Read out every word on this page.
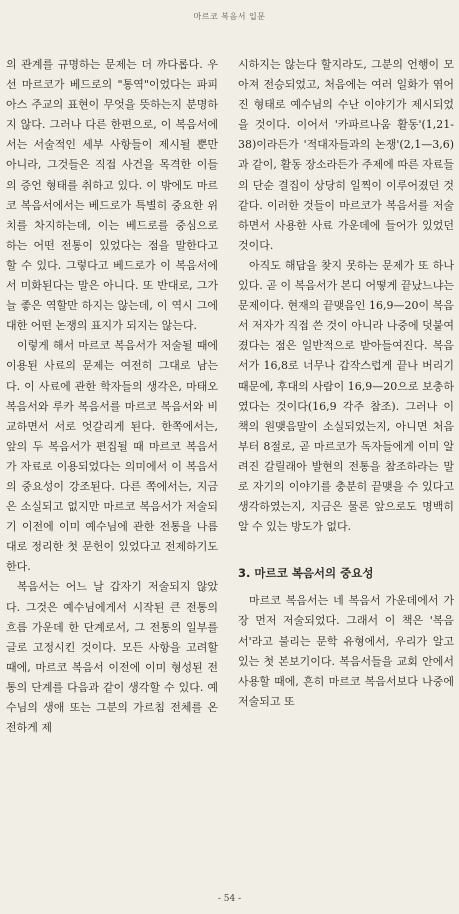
마르코 복음서 입문

의 관계를 규명하는 문제는 더 까다롭다. 우선 마르코가 베드로의 "통역"이었다는 파피아스 주교의 표현이 무엇을 뜻하는지 분명하지 않다. 그러나 다른 한편으로, 이 복음서에서는 서술적인 세부 사항들이 제시될 뿐만 아니라, 그것들은 직접 사건을 목격한 이들의 증언 형태를 취하고 있다. 이 밖에도 마르코 복음서에서는 베드로가 특별히 중요한 위치를 차지하는데, 이는 베드로를 중심으로 하는 어떤 전통이 있었다는 점을 말한다고 할 수 있다. 그렇다고 베드로가 이 복음서에서 미화된다는 말은 아니다. 또 반대로, 그가 늘 좋은 역할만 하지는 않는데, 이 역시 그에 대한 어떤 논쟁의 표지가 되지는 않는다.

이렇게 해서 마르코 복음서가 저술될 때에 이용된 사료의 문제는 여전히 그대로 남는다. 이 사료에 관한 학자들의 생각은, 마태오 복음서와 루카 복음서를 마르코 복음서와 비교하면서 서로 엇갈리게 된다. 한쪽에서는, 앞의 두 복음서가 편집될 때 마르코 복음서가 자료로 이용되었다는 의미에서 이 복음서의 중요성이 강조된다. 다른 쪽에서는, 지금은 소실되고 없지만 마르코 복음서가 저술되기 이전에 이미 예수님에 관한 전통을 나름대로 정리한 첫 문헌이 있었다고 전제하기도 한다.

복음서는 어느 날 갑자기 저술되지 않았다. 그것은 예수님에게서 시작된 큰 전통의 흐름 가운데 한 단계로서, 그 전통의 일부를 글로 고정시킨 것이다. 모든 사항을 고려할 때에, 마르코 복음서 이전에 이미 형성된 전통의 단계를 다음과 같이 생각할 수 있다. 예수님의 생애 또는 그분의 가르침 전체를 온전하게 제

시하지는 않는다 할지라도, 그분의 언행이 모아져 전승되었고, 처음에는 여러 일화가 엮어진 형태로 예수님의 수난 이야기가 제시되었을 것이다. 이어서 '카파르나움 활동'(1,21-38)이라든가 '적대자들과의 논쟁'(2,1—3,6)과 같이, 활동 장소라든가 주제에 따른 자료들의 단순 결집이 상당히 일찍이 이루어졌던 것 같다. 이러한 것들이 마르코가 복음서를 저술하면서 사용한 사료 가운데에 들어가 있었던 것이다.

아직도 해답을 찾지 못하는 문제가 또 하나 있다. 곧 이 복음서가 본디 어떻게 끝났느냐는 문제이다. 현재의 끝맺음인 16,9—20이 복음서 저자가 직접 쓴 것이 아니라 나중에 덧붙여졌다는 점은 일반적으로 받아들여진다. 복음서가 16,8로 너무나 갑작스럽게 끝나 버리기 때문에, 후대의 사람이 16,9—20으로 보충하였다는 것이다(16,9 각주 참조). 그러나 이 책의 원맺음말이 소실되었는지, 아니면 처음부터 8절로, 곧 마르코가 독자들에게 이미 알려진 갈릴래아 발현의 전통을 참조하라는 말로 자기의 이야기를 충분히 끝맺을 수 있다고 생각하였는지, 지금은 물론 앞으로도 명백히 알 수 있는 방도가 없다.

3. 마르코 복음서의 중요성

마르코 복음서는 네 복음서 가운데에서 가장 먼저 저술되었다. 그래서 이 책은 '복음서'라고 불리는 문학 유형에서, 우리가 알고 있는 첫 본보기이다. 복음서들을 교회 안에서 사용할 때에, 흔히 마르코 복음서보다 나중에 저술되고 또

- 54 -
